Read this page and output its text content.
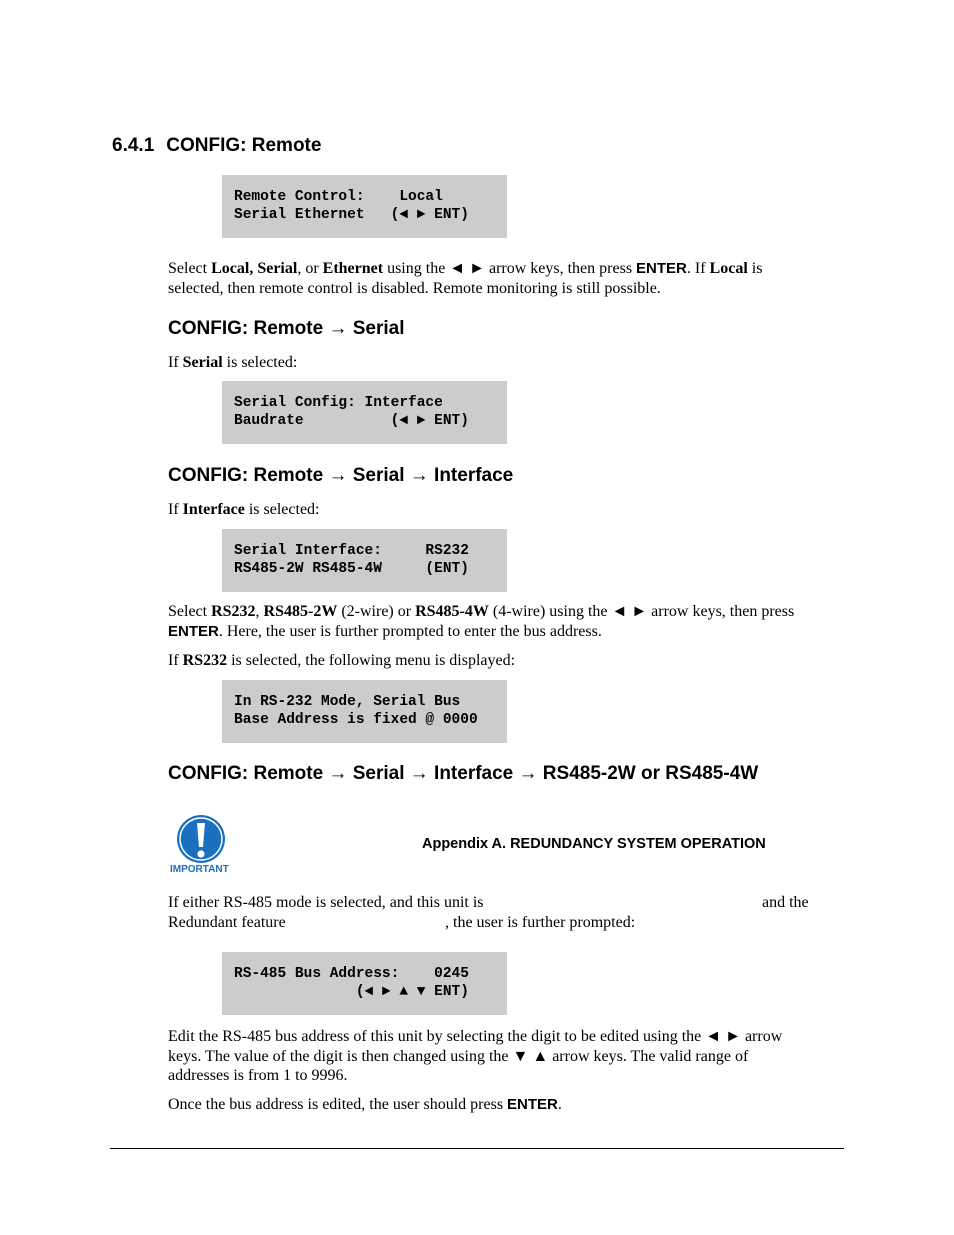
6.4.1 CONFIG: Remote
Remote Control:    Local
Serial Ethernet   (◄ ► ENT)
Select Local, Serial, or Ethernet using the ◄ ► arrow keys, then press ENTER. If Local is selected, then remote control is disabled. Remote monitoring is still possible.
CONFIG: Remote → Serial
If Serial is selected:
Serial Config: Interface
Baudrate          (◄ ► ENT)
CONFIG: Remote → Serial → Interface
If Interface is selected:
Serial Interface:     RS232
RS485-2W RS485-4W     (ENT)
Select RS232, RS485-2W (2-wire) or RS485-4W (4-wire) using the ◄ ► arrow keys, then press ENTER. Here, the user is further prompted to enter the bus address.
If RS232 is selected, the following menu is displayed:
In RS-232 Mode, Serial Bus
Base Address is fixed @ 0000
CONFIG: Remote → Serial → Interface → RS485-2W or RS485-4W
IMPORTANT
Appendix A. REDUNDANCY SYSTEM OPERATION
If either RS-485 mode is selected, and this unit is	and the
Redundant feature	, the user is further prompted:
RS-485 Bus Address:    0245
(◄ ► ▲ ▼ ENT)
Edit the RS-485 bus address of this unit by selecting the digit to be edited using the ◄ ► arrow
keys. The value of the digit is then changed using the ▼ ▲ arrow keys. The valid range of
addresses is from 1 to 9996.
Once the bus address is edited, the user should press ENTER.
